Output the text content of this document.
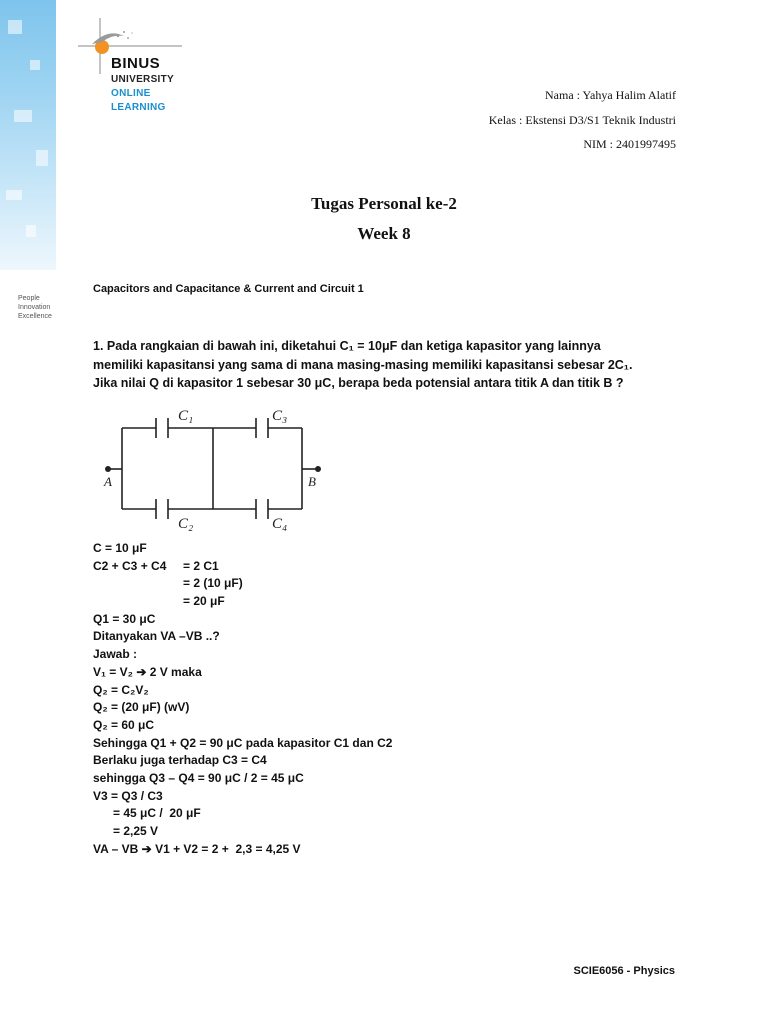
People
Innovation
Excellence
BINUS
UNIVERSITY
ONLINE
LEARNING
Nama : Yahya Halim Alatif
Kelas : Ekstensi D3/S1 Teknik Industri
NIM : 2401997495
Tugas Personal ke-2
Week 8
Capacitors and Capacitance & Current and Circuit 1
1. Pada rangkaian di bawah ini, diketahui C₁ = 10μF dan ketiga kapasitor yang lainnya
memiliki kapasitansi yang sama di mana masing-masing memiliki kapasitansi sebesar 2C₁.
Jika nilai Q di kapasitor 1 sebesar 30 μC, berapa beda potensial antara titik A dan titik B ?
C₁	C₃
C₂	C₄
A	B
C = 10 μF
C2 + C3 + C4     = 2 C1
= 2 (10 μF)
= 20 μF
Q1 = 30 μC
Ditanyakan VA –VB ..?
Jawab :
V₁ = V₂ ➔ 2 V maka
Q₂ = C₂V₂
Q₂ = (20 μF) (wV)
Q₂ = 60 μC
Sehingga Q1 + Q2 = 90 μC pada kapasitor C1 dan C2
Berlaku juga terhadap C3 = C4
sehingga Q3 – Q4 = 90 μC / 2 = 45 μC
V3 = Q3 / C3
= 45 μC /  20 μF
= 2,25 V
VA – VB ➔ V1 + V2 = 2 +  2,3 = 4,25 V
SCIE6056 - Physics
